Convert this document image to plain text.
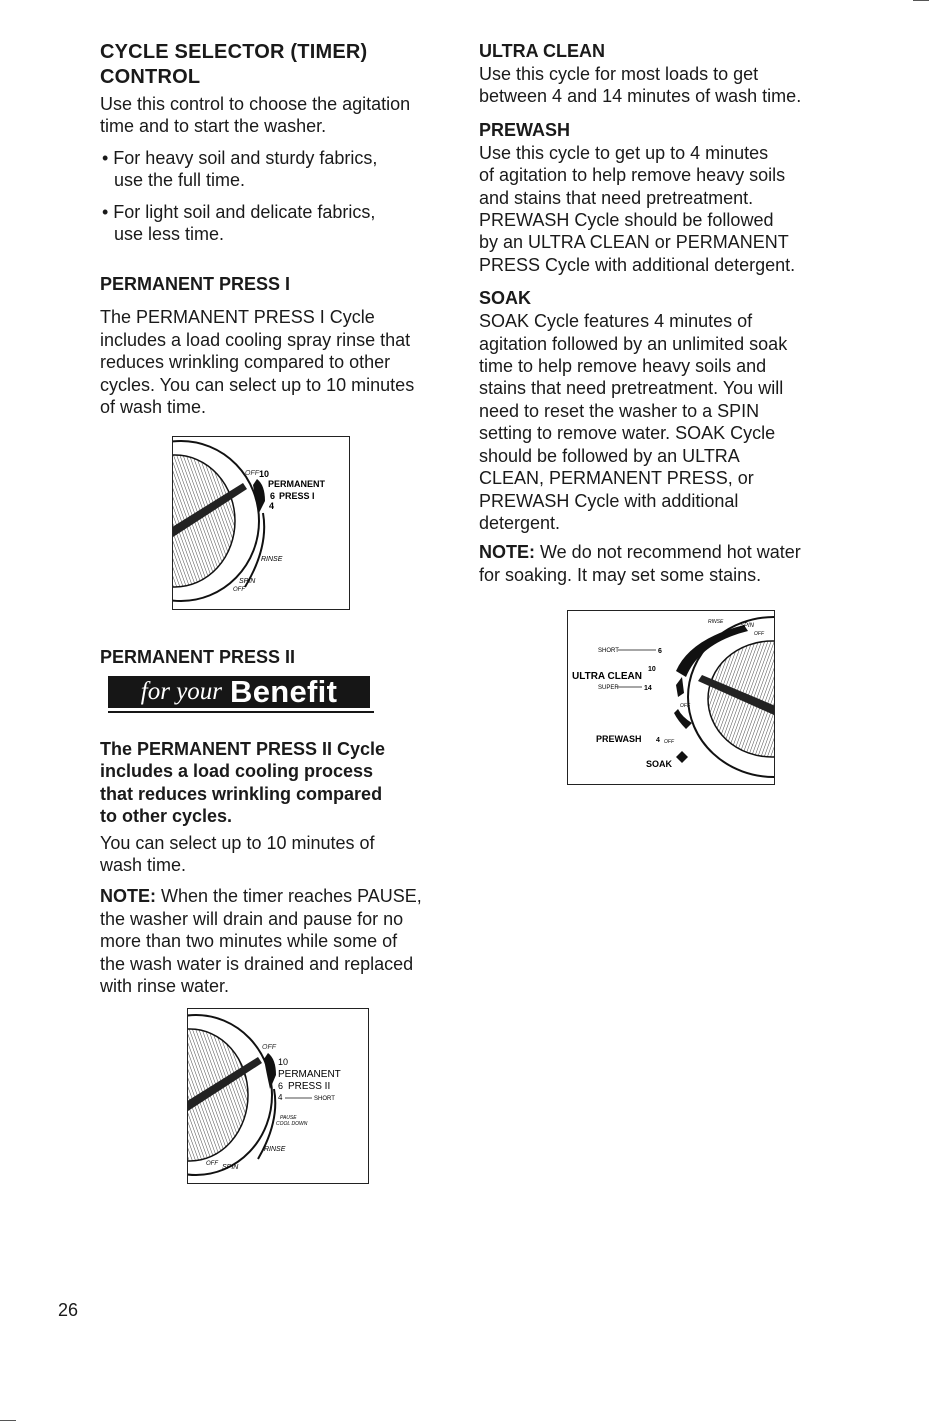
CYCLE SELECTOR (TIMER)
CONTROL

Use this control to choose the agitation
time and to start the washer.

• For heavy soil and sturdy fabrics,
use the full time.

• For light soil and delicate fabrics,
use less time.

PERMANENT PRESS I

The PERMANENT PRESS I Cycle
includes a load cooling spray rinse that
reduces wrinkling compared to other
cycles. You can select up to 10 minutes
of wash time.

OFF 10
PERMANENT
6 PRESS I
4
RINSE
SPIN
OFF
PERMANENT PRESS II
for your Benefit

The PERMANENT PRESS II Cycle
includes a load cooling process
that reduces wrinkling compared
to other cycles.

You can select up to 10 minutes of
wash time.

NOTE: When the timer reaches PAUSE,
the washer will drain and pause for no
more than two minutes while some of
the wash water is drained and replaced
with rinse water.

OFF
10
PERMANENT
6 PRESS II
4	SHORT
PAUSE
COOL DOWN
RINSE
OFF SPIN
ULTRA CLEAN

Use this cycle for most loads to get
between 4 and 14 minutes of wash time.

PREWASH

Use this cycle to get up to 4 minutes
of agitation to help remove heavy soils
and stains that need pretreatment.
PREWASH Cycle should be followed
by an ULTRA CLEAN or PERMANENT
PRESS Cycle with additional detergent.

SOAK

SOAK Cycle features 4 minutes of
agitation followed by an unlimited soak
time to help remove heavy soils and
stains that need pretreatment. You will
need to reset the washer to a SPIN
setting to remove water. SOAK Cycle
should be followed by an ULTRA
CLEAN, PERMANENT PRESS, or
PREWASH Cycle with additional
detergent.

NOTE: We do not recommend hot water
for soaking. It may set some stains.

RINSE
SPIN
OFF
SHORT	6
10
ULTRA CLEAN
SUPER	14
OFF
PREWASH 4 OFF
SOAK
26
